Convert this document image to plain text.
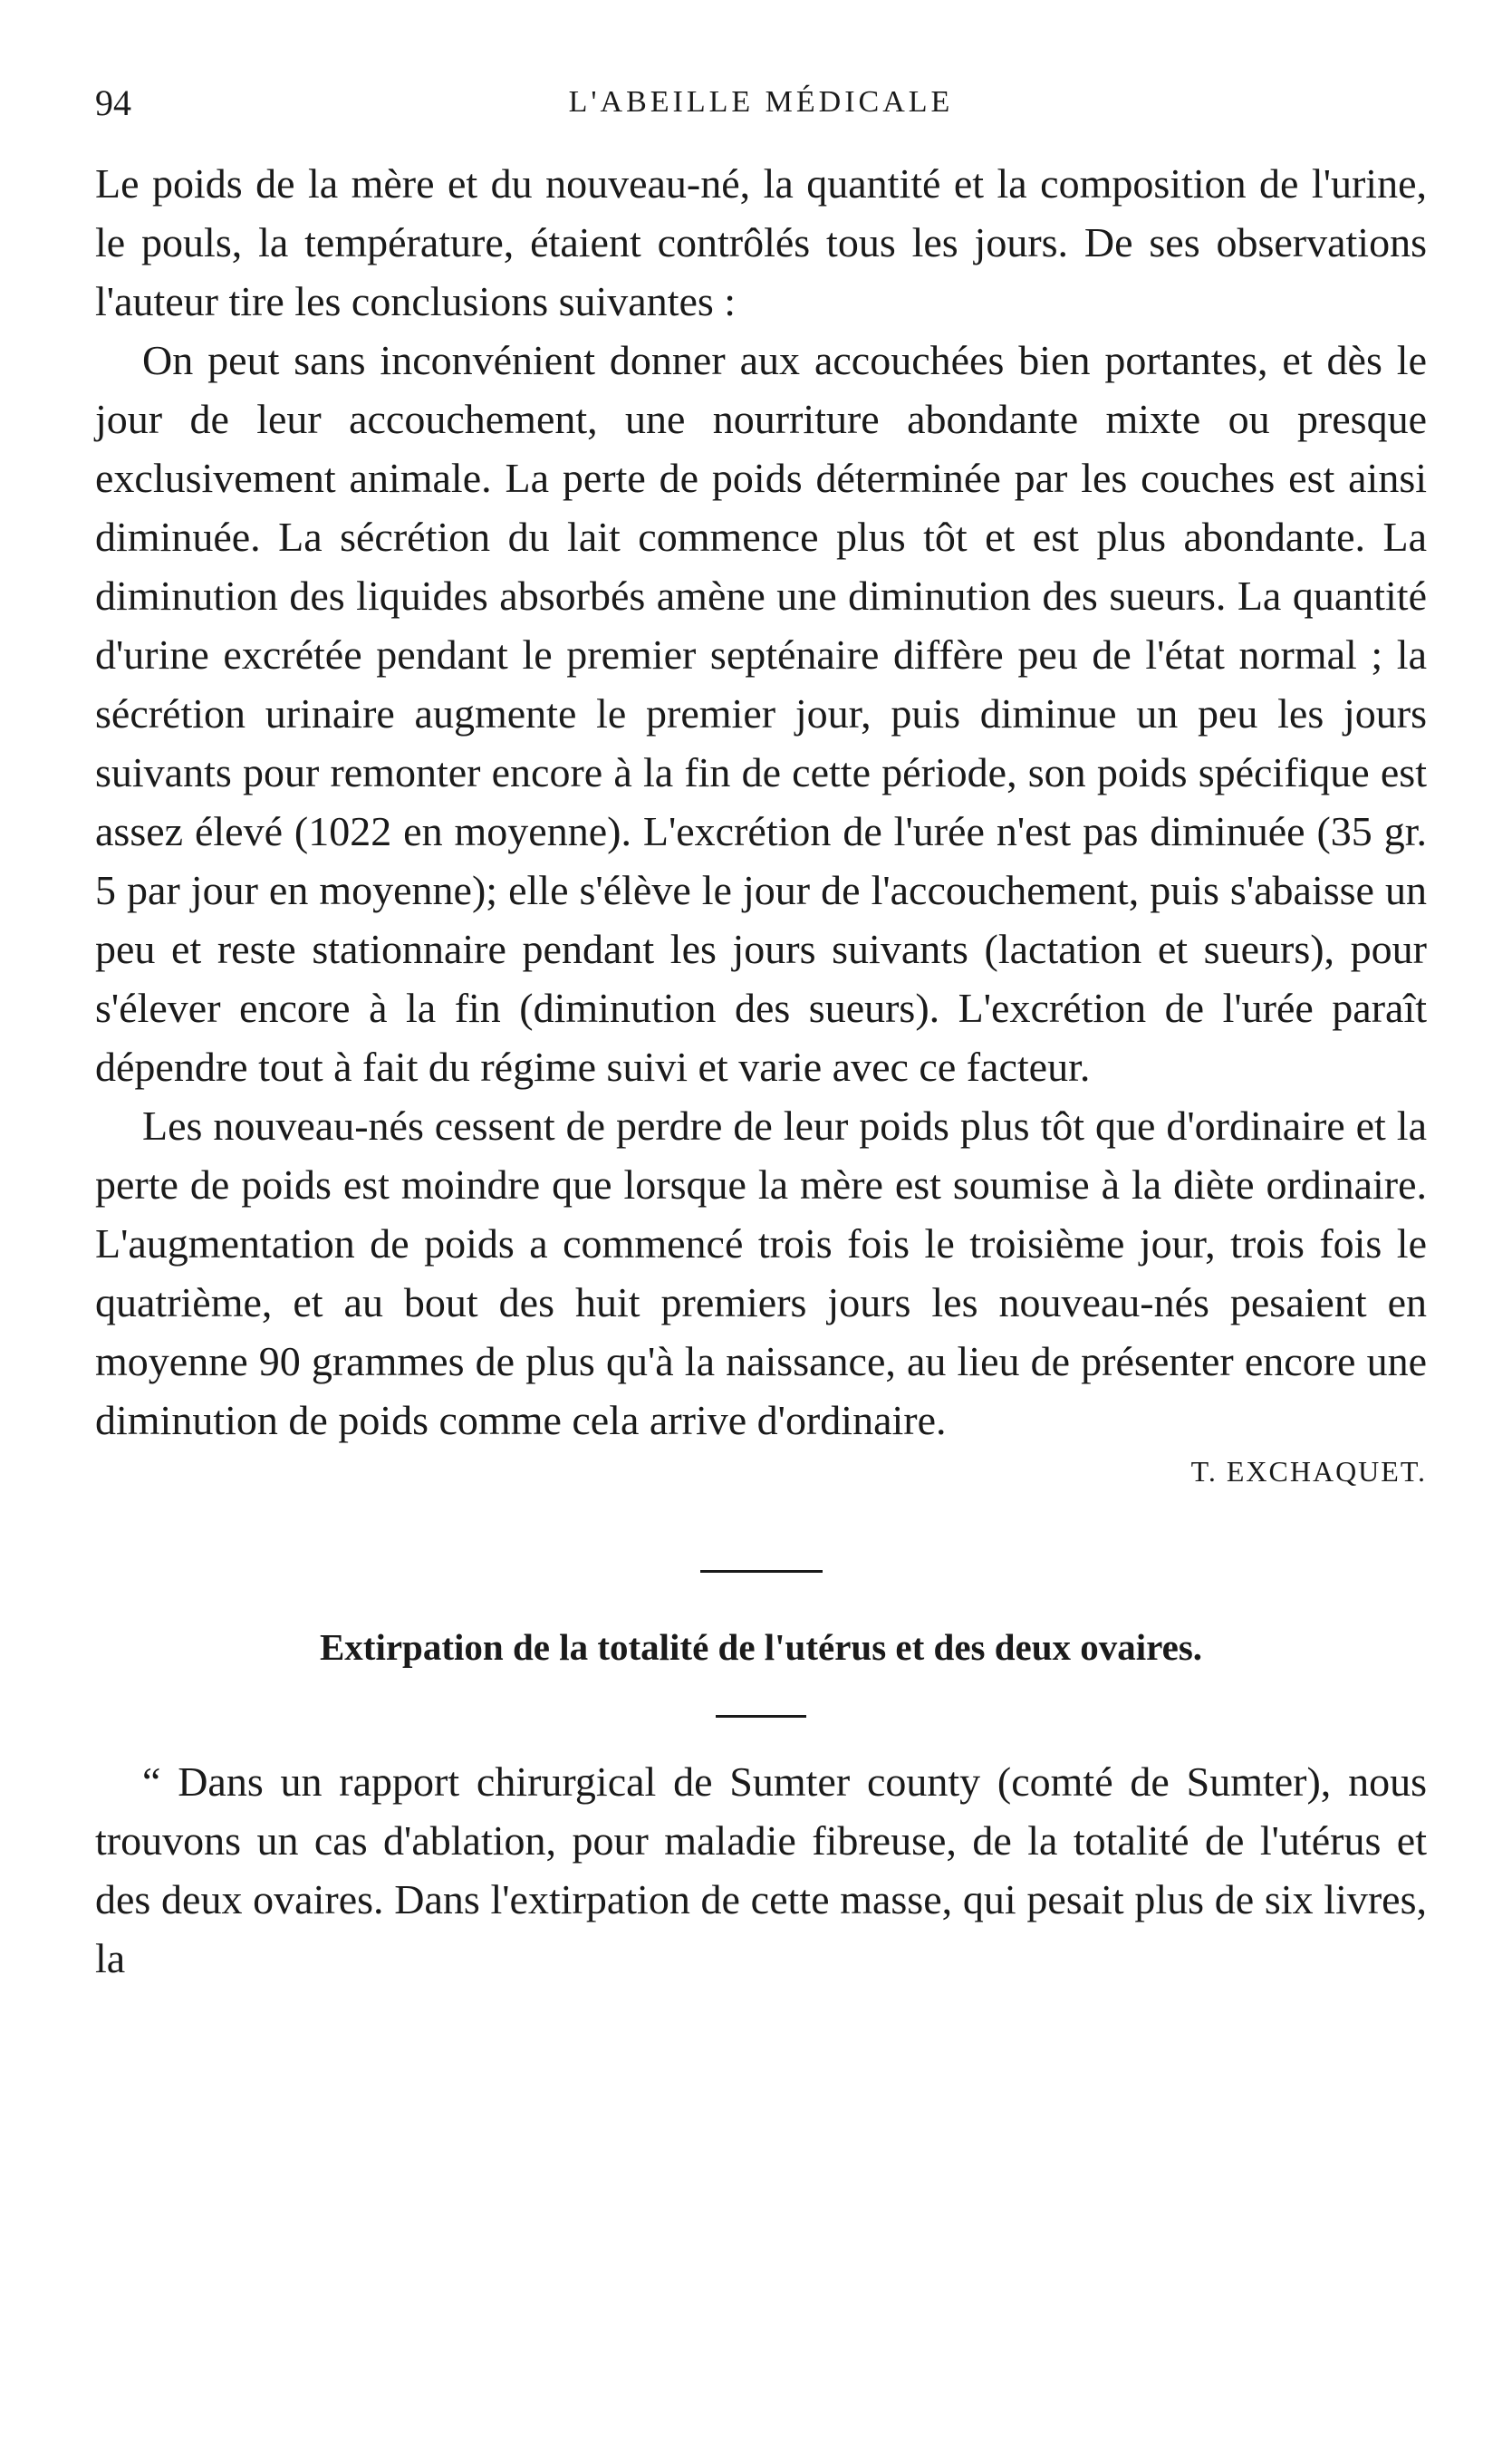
94	L'ABEILLE MÉDICALE

Le poids de la mère et du nouveau-né, la quantité et la composition de l'urine, le pouls, la température, étaient contrôlés tous les jours. De ses observations l'auteur tire les conclusions suivantes :

On peut sans inconvénient donner aux accouchées bien portantes, et dès le jour de leur accouchement, une nourriture abondante mixte ou presque exclusivement animale. La perte de poids déterminée par les couches est ainsi diminuée. La sécrétion du lait commence plus tôt et est plus abondante. La diminution des liquides absorbés amène une diminution des sueurs. La quantité d'urine excrétée pendant le premier septénaire diffère peu de l'état normal ; la sécrétion urinaire augmente le premier jour, puis diminue un peu les jours suivants pour remonter encore à la fin de cette période, son poids spécifique est assez élevé (1022 en moyenne). L'excrétion de l'urée n'est pas diminuée (35 gr. 5 par jour en moyenne); elle s'élève le jour de l'accouchement, puis s'abaisse un peu et reste stationnaire pendant les jours suivants (lactation et sueurs), pour s'élever encore à la fin (diminution des sueurs). L'excrétion de l'urée paraît dépendre tout à fait du régime suivi et varie avec ce facteur.

Les nouveau-nés cessent de perdre de leur poids plus tôt que d'ordinaire et la perte de poids est moindre que lorsque la mère est soumise à la diète ordinaire. L'augmentation de poids a commencé trois fois le troisième jour, trois fois le quatrième, et au bout des huit premiers jours les nouveau-nés pesaient en moyenne 90 grammes de plus qu'à la naissance, au lieu de présenter encore une diminution de poids comme cela arrive d'ordinaire.

T. EXCHAQUET.
Extirpation de la totalité de l'utérus et des deux ovaires.

“ Dans un rapport chirurgical de Sumter county (comté de Sumter), nous trouvons un cas d'ablation, pour maladie fibreuse, de la totalité de l'utérus et des deux ovaires. Dans l'extirpation de cette masse, qui pesait plus de six livres, la
